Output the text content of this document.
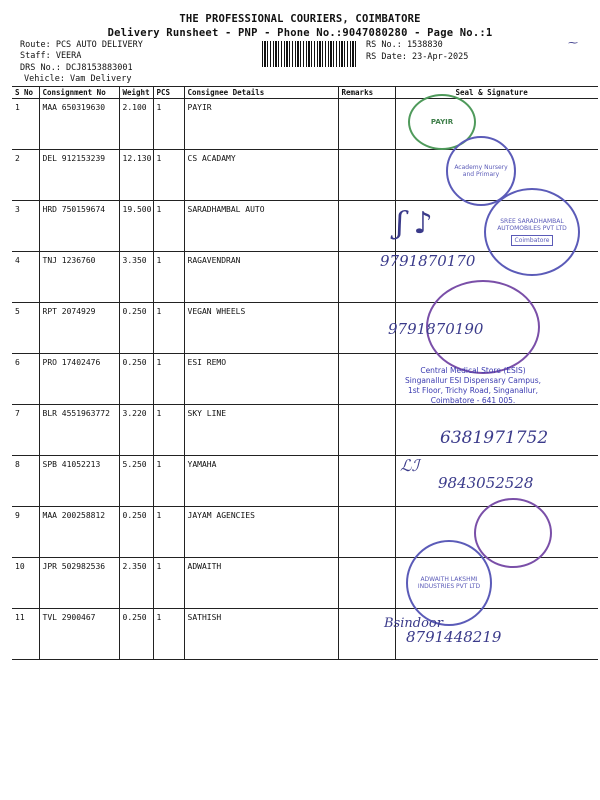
THE PROFESSIONAL COURIERS, COIMBATORE
Delivery Runsheet - PNP - Phone No.:9047080280 - Page No.:1
Route: PCS AUTO DELIVERY
Staff: VEERA
DRS No.: DCJ8153883001
Vehicle: Vam Delivery
RS No.: 1538830
RS Date: 23-Apr-2025
⁓
S No	Consignment No	Weight	PCS	Consignee Details	Remarks	Seal & Signature
1	MAA 650319630	2.100	1	PAYIR		
2	DEL 912153239	12.130	1	CS ACADAMY		
3	HRD 750159674	19.500	1	SARADHAMBAL AUTO		
4	TNJ 1236760	3.350	1	RAGAVENDRAN		
5	RPT 2074929	0.250	1	VEGAN WHEELS		
6	PRO 17402476	0.250	1	ESI REMO		
7	BLR 4551963772	3.220	1	SKY LINE		
8	SPB 41052213	5.250	1	YAMAHA		
9	MAA 200258812	0.250	1	JAYAM AGENCIES		
10	JPR 502982536	2.350	1	ADWAITH		
11	TVL 2900467	0.250	1	SATHISH		
PAYIR
Academy Nursery and Primary
SREE SARADHAMBAL AUTOMOBILES PVT LTD
Coimbatore
ʃ ♪
9791870170
9791870190
Central Medical Store (ESIS)
Singanallur ESI Dispensary Campus,
1st Floor, Trichy Road, Singanallur,
Coimbatore - 641 005.
6381971752
ℒℐ
9843052528
ADWAITH LAKSHMI INDUSTRIES PVT LTD
Bsindoor
8791448219
